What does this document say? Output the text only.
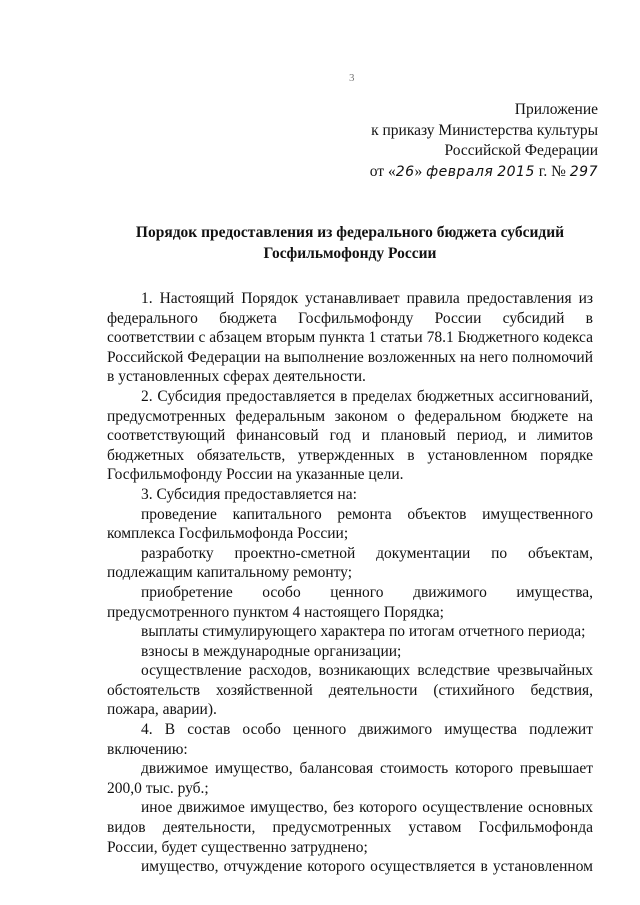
3
Приложение
к приказу Министерства культуры
Российской Федерации
от «26» февраля 2015 г. № 297
Порядок предоставления из федерального бюджета субсидий
Госфильмофонду России

1. Настоящий Порядок устанавливает правила предоставления из федерального бюджета Госфильмофонду России субсидий в соответствии с абзацем вторым пункта 1 статьи 78.1 Бюджетного кодекса Российской Федерации на выполнение возложенных на него полномочий в установленных сферах деятельности.

2. Субсидия предоставляется в пределах бюджетных ассигнований, предусмотренных федеральным законом о федеральном бюджете на соответствующий финансовый год и плановый период, и лимитов бюджетных обязательств, утвержденных в установленном порядке Госфильмофонду России на указанные цели.

3. Субсидия предоставляется на:

проведение капитального ремонта объектов имущественного комплекса Госфильмофонда России;

разработку проектно-сметной документации по объектам, подлежащим капитальному ремонту;

приобретение особо ценного движимого имущества, предусмотренного пунктом 4 настоящего Порядка;

выплаты стимулирующего характера по итогам отчетного периода;

взносы в международные организации;

осуществление расходов, возникающих вследствие чрезвычайных обстоятельств хозяйственной деятельности (стихийного бедствия, пожара, аварии).

4. В состав особо ценного движимого имущества подлежит включению:

движимое имущество, балансовая стоимость которого превышает 200,0 тыс. руб.;

иное движимое имущество, без которого осуществление основных видов деятельности, предусмотренных уставом Госфильмофонда России, будет существенно затруднено;

имущество, отчуждение которого осуществляется в установленном
